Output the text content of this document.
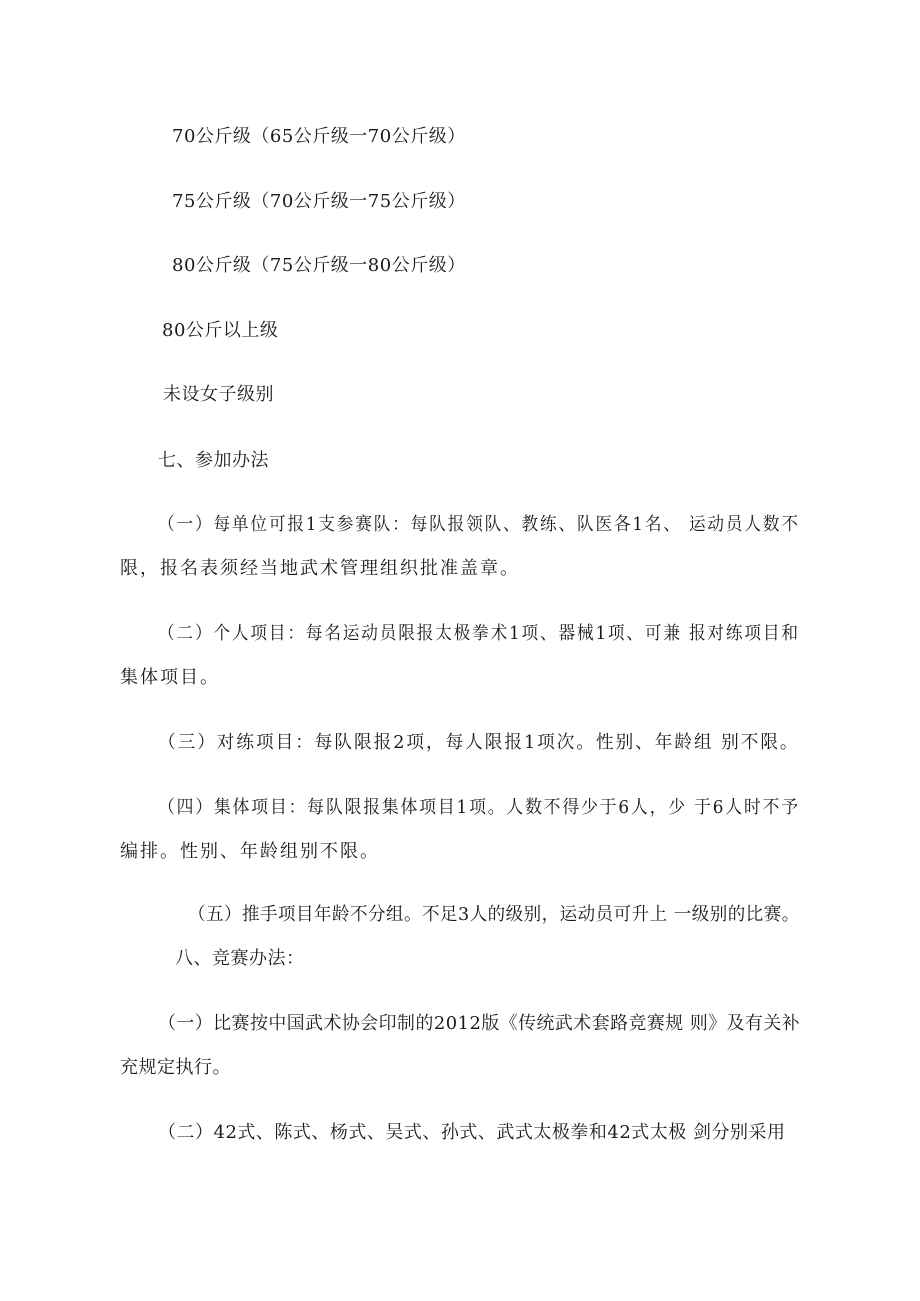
70公斤级（65公斤级一70公斤级）
75公斤级（70公斤级一75公斤级）
80公斤级（75公斤级一80公斤级）
80公斤以上级
未设女子级别
七、参加办法
（一）每单位可报1支参赛队：每队报领队、教练、队医各1名、 运动员人数不
限，报名表须经当地武术管理组织批准盖章。
（二）个人项目：每名运动员限报太极拳术1项、器械1项、可兼 报对练项目和
集体项目。
（三）对练项目：每队限报2项，每人限报1项次。性别、年龄组 别不限。
（四）集体项目：每队限报集体项目1项。人数不得少于6人，少 于6人时不予
编排。性别、年龄组别不限。
（五）推手项目年龄不分组。不足3人的级别，运动员可升上 一级别的比赛。
八、竞赛办法：
（一）比赛按中国武术协会印制的2012版《传统武术套路竞赛规 则》及有关补
充规定执行。
（二）42式、陈式、杨式、吴式、孙式、武式太极拳和42式太极 剑分别采用
